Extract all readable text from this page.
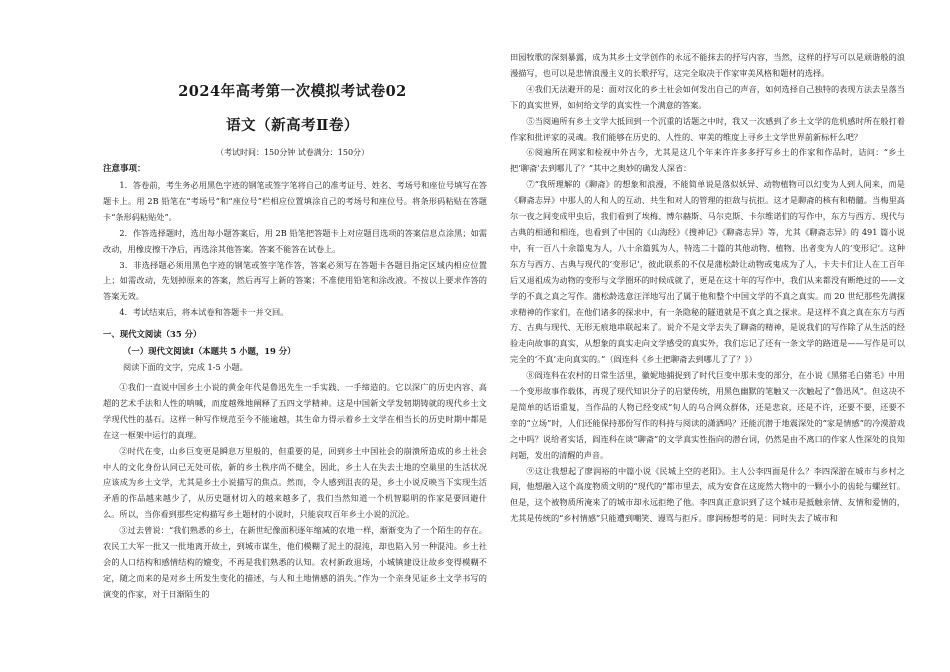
2024年高考第一次模拟考试卷02
语文（新高考Ⅱ卷）
（考试时间：150分钟 试卷满分：150分）
注意事项：

1．答卷前，考生务必用黑色字迹的钢笔或签字笔将自己的准考证号、姓名、考场号和座位号填写在答题卡上。用 2B 铅笔在“考场号”和“座位号”栏相应位置填涂自己的考场号和座位号。将条形码粘贴在答题卡“条形码粘贴处”。

2．作答选择题时，选出每小题答案后，用 2B 铅笔把答题卡上对应题目选项的答案信息点涂黑；如需改动，用橡皮擦干净后，再选涂其他答案。答案不能答在试卷上。

3．非选择题必须用黑色字迹的钢笔或签字笔作答，答案必须写在答题卡各题目指定区域内相应位置上；如需改动，先划掉原来的答案，然后再写上新的答案；不准使用铅笔和涂改液。不按以上要求作答的答案无效。

4．考试结束后，将本试卷和答题卡一并交回。

一、现代文阅读（35 分）
（一）现代文阅读Ⅰ（本题共 5 小题，19 分）
阅读下面的文字，完成 1-5 小题。

①我们一直说中国乡土小说的黄金年代是鲁迅先生一手实践、一手缔造的。它以深广的历史内容、高超的艺术手法和人性的呐喊，而度越殊地阐释了五四文学精神。这是中国新文学发轫期铸就的现代乡土文学现代性的基石。这样一种写作规范至今不能逾越，其生命力得示着乡土文学在相当长的历史时期中都是在这一框架中运行的真理。

②时代在变，山乡巨变更是瞬息万里般的，但重要的是，回到乡土中国社会的崩溃所造成的乡土社会中人的文化身份认同已无处可依，新的乡土秩序尚不健全，因此，乡土人在失去土地的空巢里的生活状况应该成为乡土文学，尤其是乡土小说描写的焦点。然而，令人感到沮丧的是，乡土小说反映当下实现生活矛盾的作品越来越少了，从历史题材切入的越来越多了，我们当然知道一个机智聪明的作家是要回避什么。所以，当你看到那些定构描写乡土题材的小说时，只能哀叹百年乡土小说的沉沦。

③过去曾说：“我们熟悉的乡土，在新世纪像面积逐年缩减的农地一样，渐渐变为了一个陌生的存在。农民工大军一批又一批地离开故土，到城市谋生，他们模糊了泥土的混沌，却也陷入另一种混沌。乡土社会的人口结构和感情结构的嬗变，不再是我们熟悉的认知。农村新政退场，小城镇建设让故乡变得模糊不定，随之而来的是对乡土所发生变化的描述，与人和土地情感的消失。”作为一个亲身见证乡土文学书写的演变的作家，对于日渐陌生的

田园牧歌的深刻暴露，成为其乡土文学创作的永远不能抹去的抒写内容，当然，这样的抒写可以是顽谐般的浪漫描写，也可以是悲情浪漫主义的长歌抒写，这完全取决于作家审美风格和题材的选择。

④我们无法避开的是：面对汉化的乡土社会如何发出自己的声音，如何选择自己独特的表现方法去呈落当下的真实世界，如何给文学的真实性一个满意的答案。

⑤当阅遍所有乡土文学大抵回到一个沉重的话题之中时，我又一次感到了乡土文学的危机感时所在般打着作家和批评家的灵魂。我们能够在历史的、人性的、审美的维度上寻乡土文学世界前新标杆么吧？

⑥阅遍所在网家和检视中外古今，尤其是这几个年来许许多多抒写乡土的作家和作品时，诘问：“乡土把‘聊斋’去到哪儿了？”其中之奥妙的确发人深省：

⑦“我所理解的《聊斋》的想象和浪漫，不能简单说是落似妖异、动物植物可以幻变为人到人间来，而是《聊斋志异》中那人的人和人的互动、共生和对人的管理的拒敌与抗拒。这才是聊斋的核有和精髓。当梅里高尔一夜之间变成甲虫后，我们看到了埃梅、博尔赫斯、马尔克斯、卡尔维诺们的写作中，东方与西方、现代与古典的相通和相连，也看到了中国的《山海经》《搜神记》《聊斋志异》等，尤其《聊斋志异》的 491 篇小说中，有一百八十余篇鬼为人，八十余篇狐为人，特选二十篇的其他动物、植物、出者变为人的‘变形记’。这种东方与西方、古典与现代的‘变形记’，彼此联系的不仅是蒲松龄让动物或鬼成为了人，卡夫卡们让人在工百年后又退祖成为动物的变形与文学圈环的时候成就了，更是在这十年的写作中，我们从来都没有断绝过的——文学的不真之真之写作。蒲松龄选意汪洋地写出了属于他和整个中国文学的不真之真实。而 20 世纪那些先满探求精神的作家们，在他们诸多的探求中，有一条隐秘的隧道就是不真之真之探求。是这样不真之真在东方与西方、古典与现代、无形无痕地串联起来了。说介不是文学去失了聊斋的精神，是说我们的写作除了从生活的经验走向故事的真实，从想象的真实走向文学感受的真实外，我们忘记了还有一条文学的路道是——写作是可以完全的‘不真’走向真实的。”（阎连科《乡土把聊斋去到哪儿了了？》）

⑧阎连科在农村的日常生活里，徽妮地捕捉到了时代巨变中那未变的部分，在小说《黑猪毛白猪毛》中用一个变形故事作载体，再现了现代知识分子的启蒙传统，用黑色幽默的笔触又一次触起了“鲁迅风”。但这决不是简单的话语重复，当作品的人物已经变成“旬人的乌合网众群体，还是悲哀，还是不许，还要不要，还要不幸的“立场”时，人们还能保持那份写作的科持与阅读的潇洒吗？还能沉潜于地震深处的“家是情感”的冷漠游戏之中吗？说给者实话，阎连科在谈“聊斋”的文学真实性指向的潜台词，仍然是由不离口的作家人性深处的良知问题，发出的清醒的声音。

⑨这让我想起了廖润裕的中篇小说《民城上空的老阳》。主人公李四面是什么？李四深游在城市与乡村之间，他想融入这个高度物质文明的“现代的”都市里去，成为安食在这庞然大物中的一颗小小的齿轮与螺丝钉。但是，这个被物质所淹来了的城市却永远拒绝了他。李四真正意识到了这个城市是抵触亲情、友情和爱情的，尤其是传统的“乡村情感”只能遭到嘲笑、谩骂与拒斥。廖润杨想考的是：同时失去了城市和
